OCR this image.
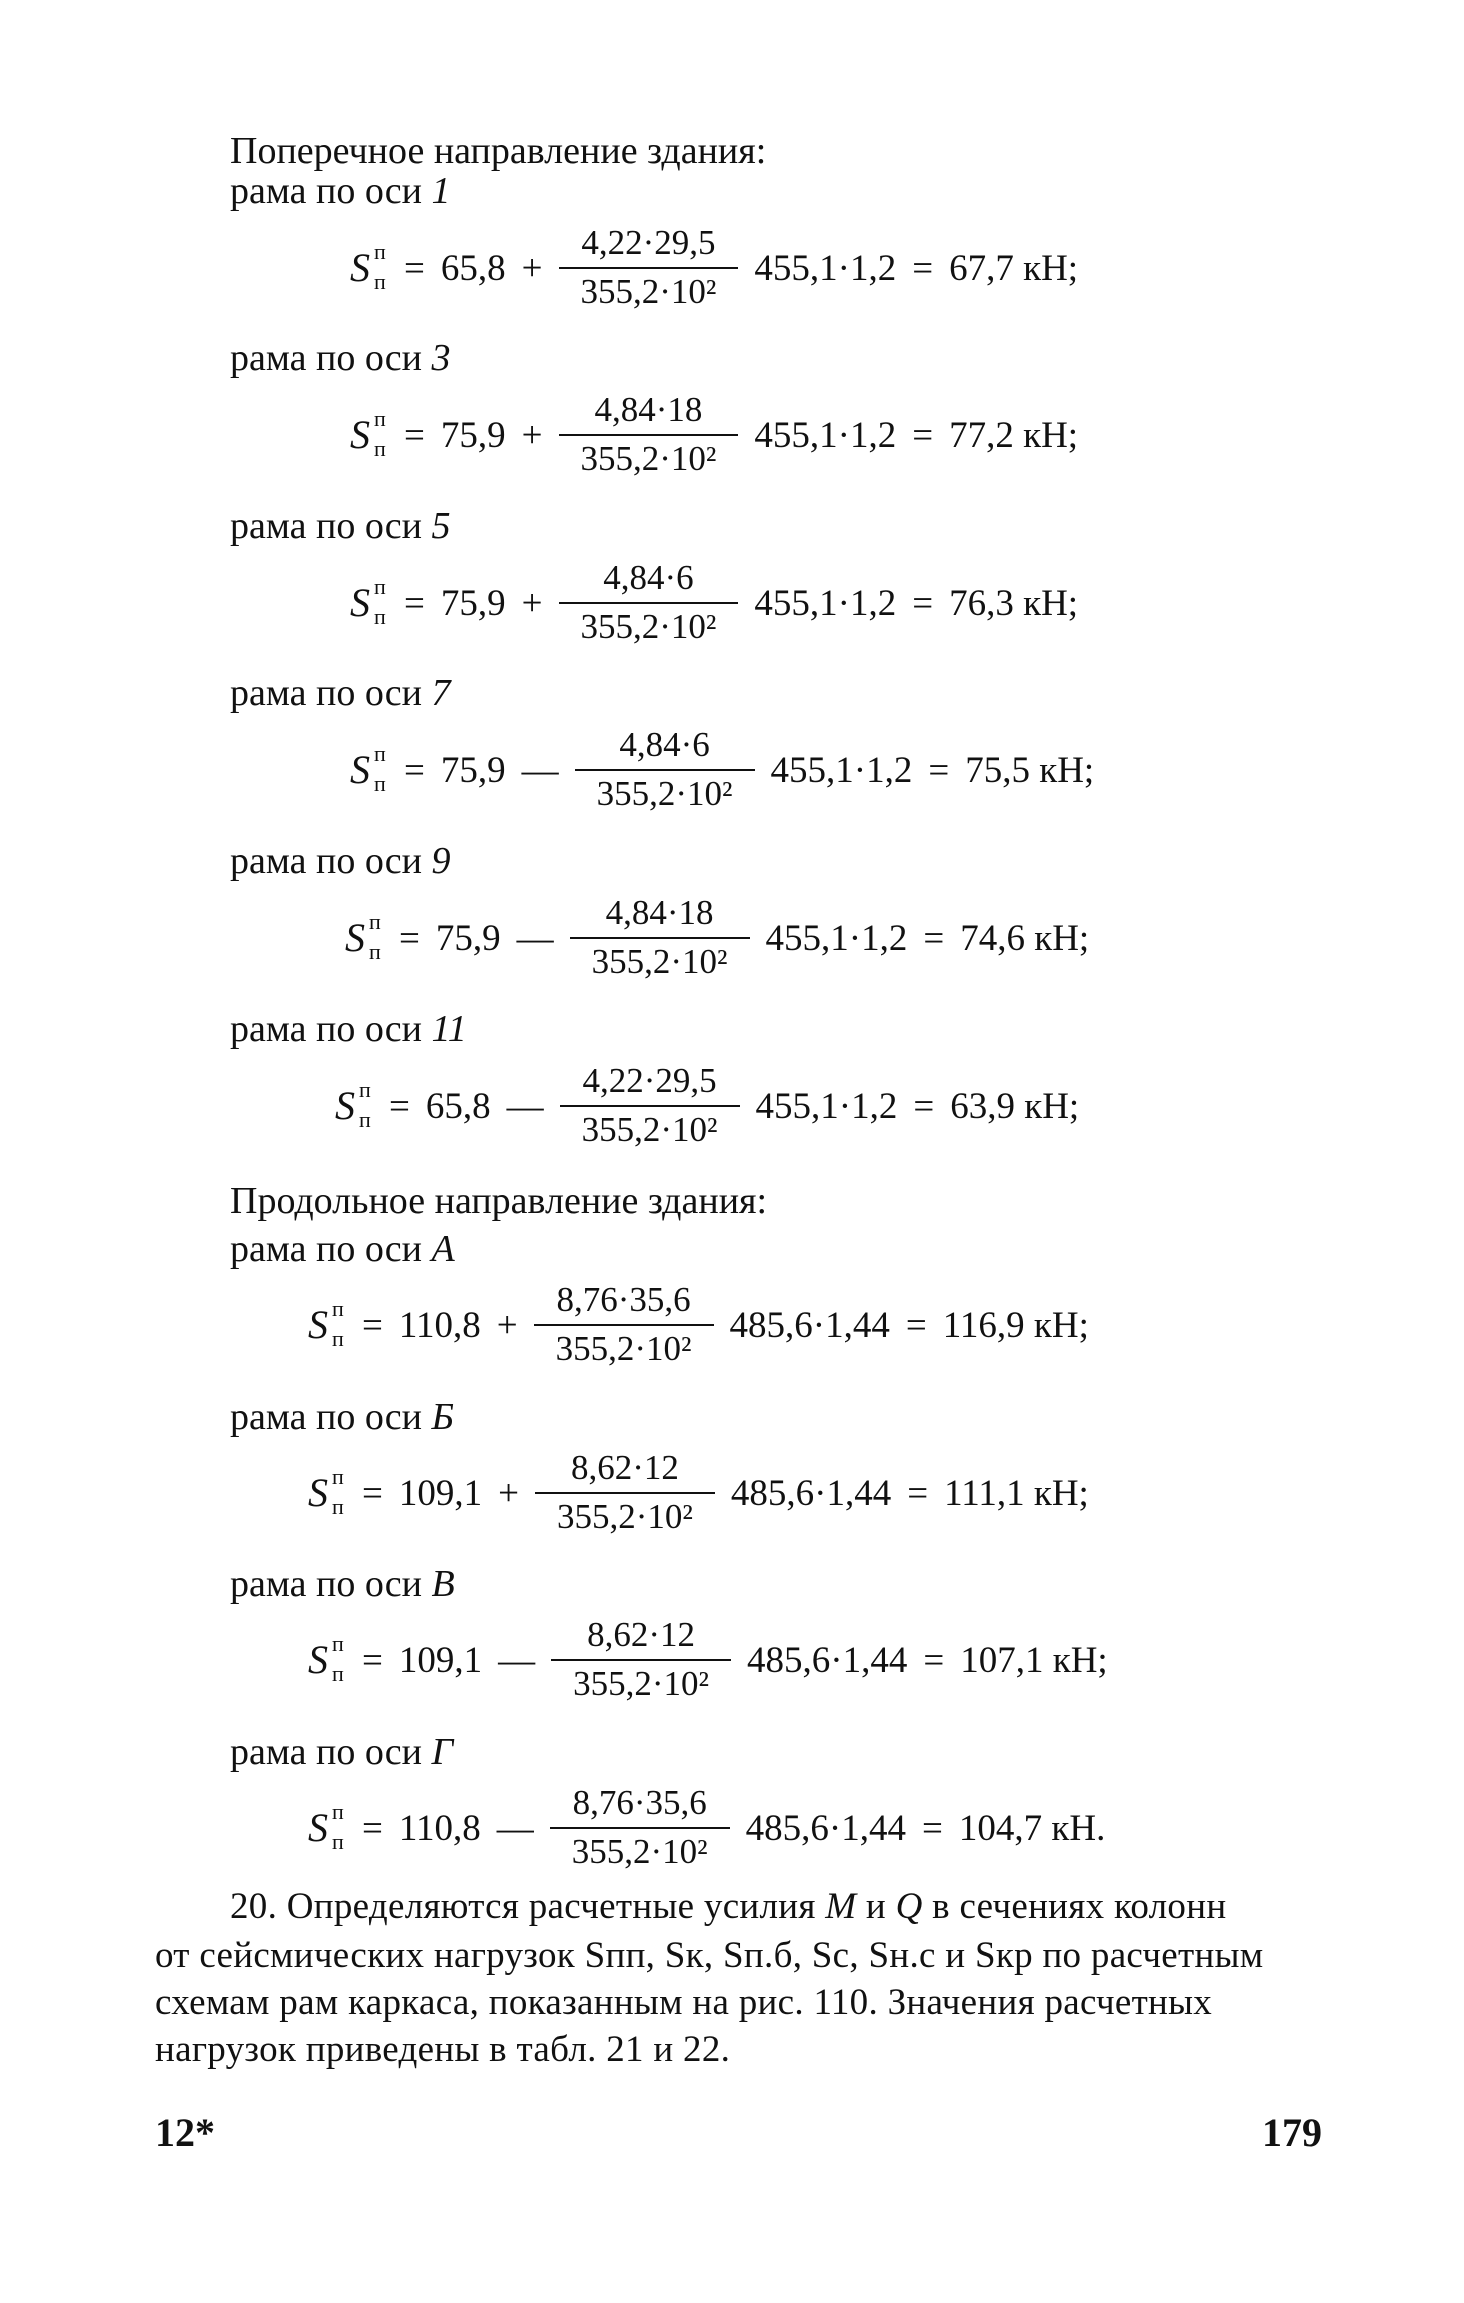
Поперечное направление здания:
рама по оси 1
S п
$п = 65,8 + \frac{4,22\cdot 29,5}{\text{355,2·10²}} 455,1\cdot 1,2 = 67,7$ кН;
рама по оси 3
S п
$п = 75,9 + \frac{4,84\cdot 18}{\text{355,2·10²}} 455,1\cdot 1,2 = 77,2$ кН;
рама по оси 5
S п
$п = 75,9 + \frac{4,84\cdot 6}{\text{355,2·10²}} 455,1\cdot 1,2 = 76,3$ кН;
рама по оси 7
S п
п = 75,9 — $\frac{4,84\cdot 6}{\text{355,2·10²}} 455,1\cdot 1,2 = 75,5$ кН;
рама по оси 9
S п
п = 75,9 — $\frac{4,84\cdot 18}{\text{355,2·10²}} 455,1\cdot 1,2 = 74,6$ кН;
рама по оси 11
S п
п = 65,8 — $\frac{4,22\cdot 29,5}{\text{355,2·10²}} 455,1\cdot 1,2 = 63,9$ кН;
Продольное направление здания:
рама по оси А
S п
$п = 110,8 + \frac{8,76\cdot 35,6}{\text{355,2·10²}} 485,6\cdot 1,44 = 116,9$ кН;
рама по оси Б
S п
$п = 109,1 + \frac{8,62\cdot 12}{\text{355,2·10²}} 485,6\cdot 1,44 = 111,1$ кН;
рама по оси В
S п
п = 109,1 — $\frac{8,62\cdot 12}{\text{355,2·10²}} 485,6\cdot 1,44 = 107,1$ кН;
рама по оси Г
S п
п = 110,8 — $\frac{8,76\cdot 35,6}{\text{355,2·10²}} 485,6\cdot 1,44 = 104,7$ кН.
20. Определяются расчетные усилия M и Q в сечениях колонн
от сейсмических нагрузок Sпп, Sк, Sп.б, Sс, Sн.с и Sкр по расчетным
схемам рам каркаса, показанным на рис. 110. Значения расчетных
нагрузок приведены в табл. 21 и 22.
12*	179
